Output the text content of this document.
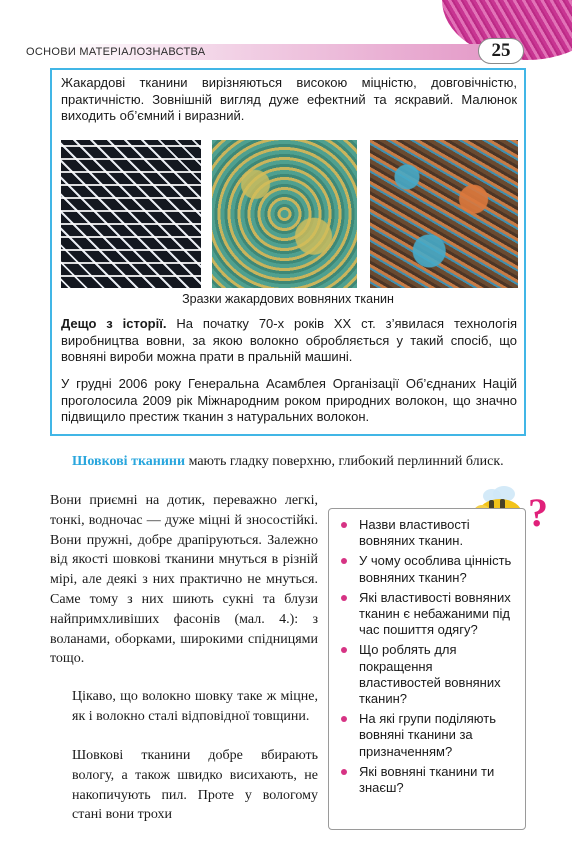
ОСНОВИ МАТЕРІАЛОЗНАВСТВА	25

Жакардові тканини вирізняються високою міцністю, довговічністю, практичністю. Зовнішній вигляд дуже ефектний та яскравий. Малюнок виходить об’ємний і виразний.

Зразки жакардових вовняних тканин

Дещо з історії. На початку 70-х років ХХ ст. з’явилася технологія виробництва вовни, за якою волокно обробляється у такий спосіб, що вовняні вироби можна прати в пральній машині.

У грудні 2006 року Генеральна Асамблея Організації Об’єднаних Націй проголосила 2009 рік Міжнародним роком природних волокон, що значно підвищило престиж тканин з натуральних волокон.

Шовкові тканини мають гладку поверхню, глибокий перлинний блиск.
Вони приємні на дотик, переважно легкі, тонкі, водночас — дуже міцні й зносостійкі. Вони пружні, добре драпіруються. Залежно від якості шовкові тканини мнуться в різній мірі, але деякі з них практично не мнуться. Саме тому з них шиють сукні та блузи найпримхливіших фасонів (мал. 4.): з воланами, оборками, широкими спідницями тощо.
Цікаво, що волокно шовку таке ж міцне, як і волокно сталі відповідної товщини.
Шовкові тканини добре вбирають вологу, а також швидко висихають, не накопичують пил. Проте у вологому стані вони трохи
?
Назви властивості вовняних тканин.
У чому особлива цінність вовняних тканин?
Які властивості вовняних тканин є небажаними під час пошиття одягу?
Що роблять для покращення властивостей вовняних тканин?
На які групи поділяють вовняні тканини за призначенням?
Які вовняні тканини ти знаєш?
